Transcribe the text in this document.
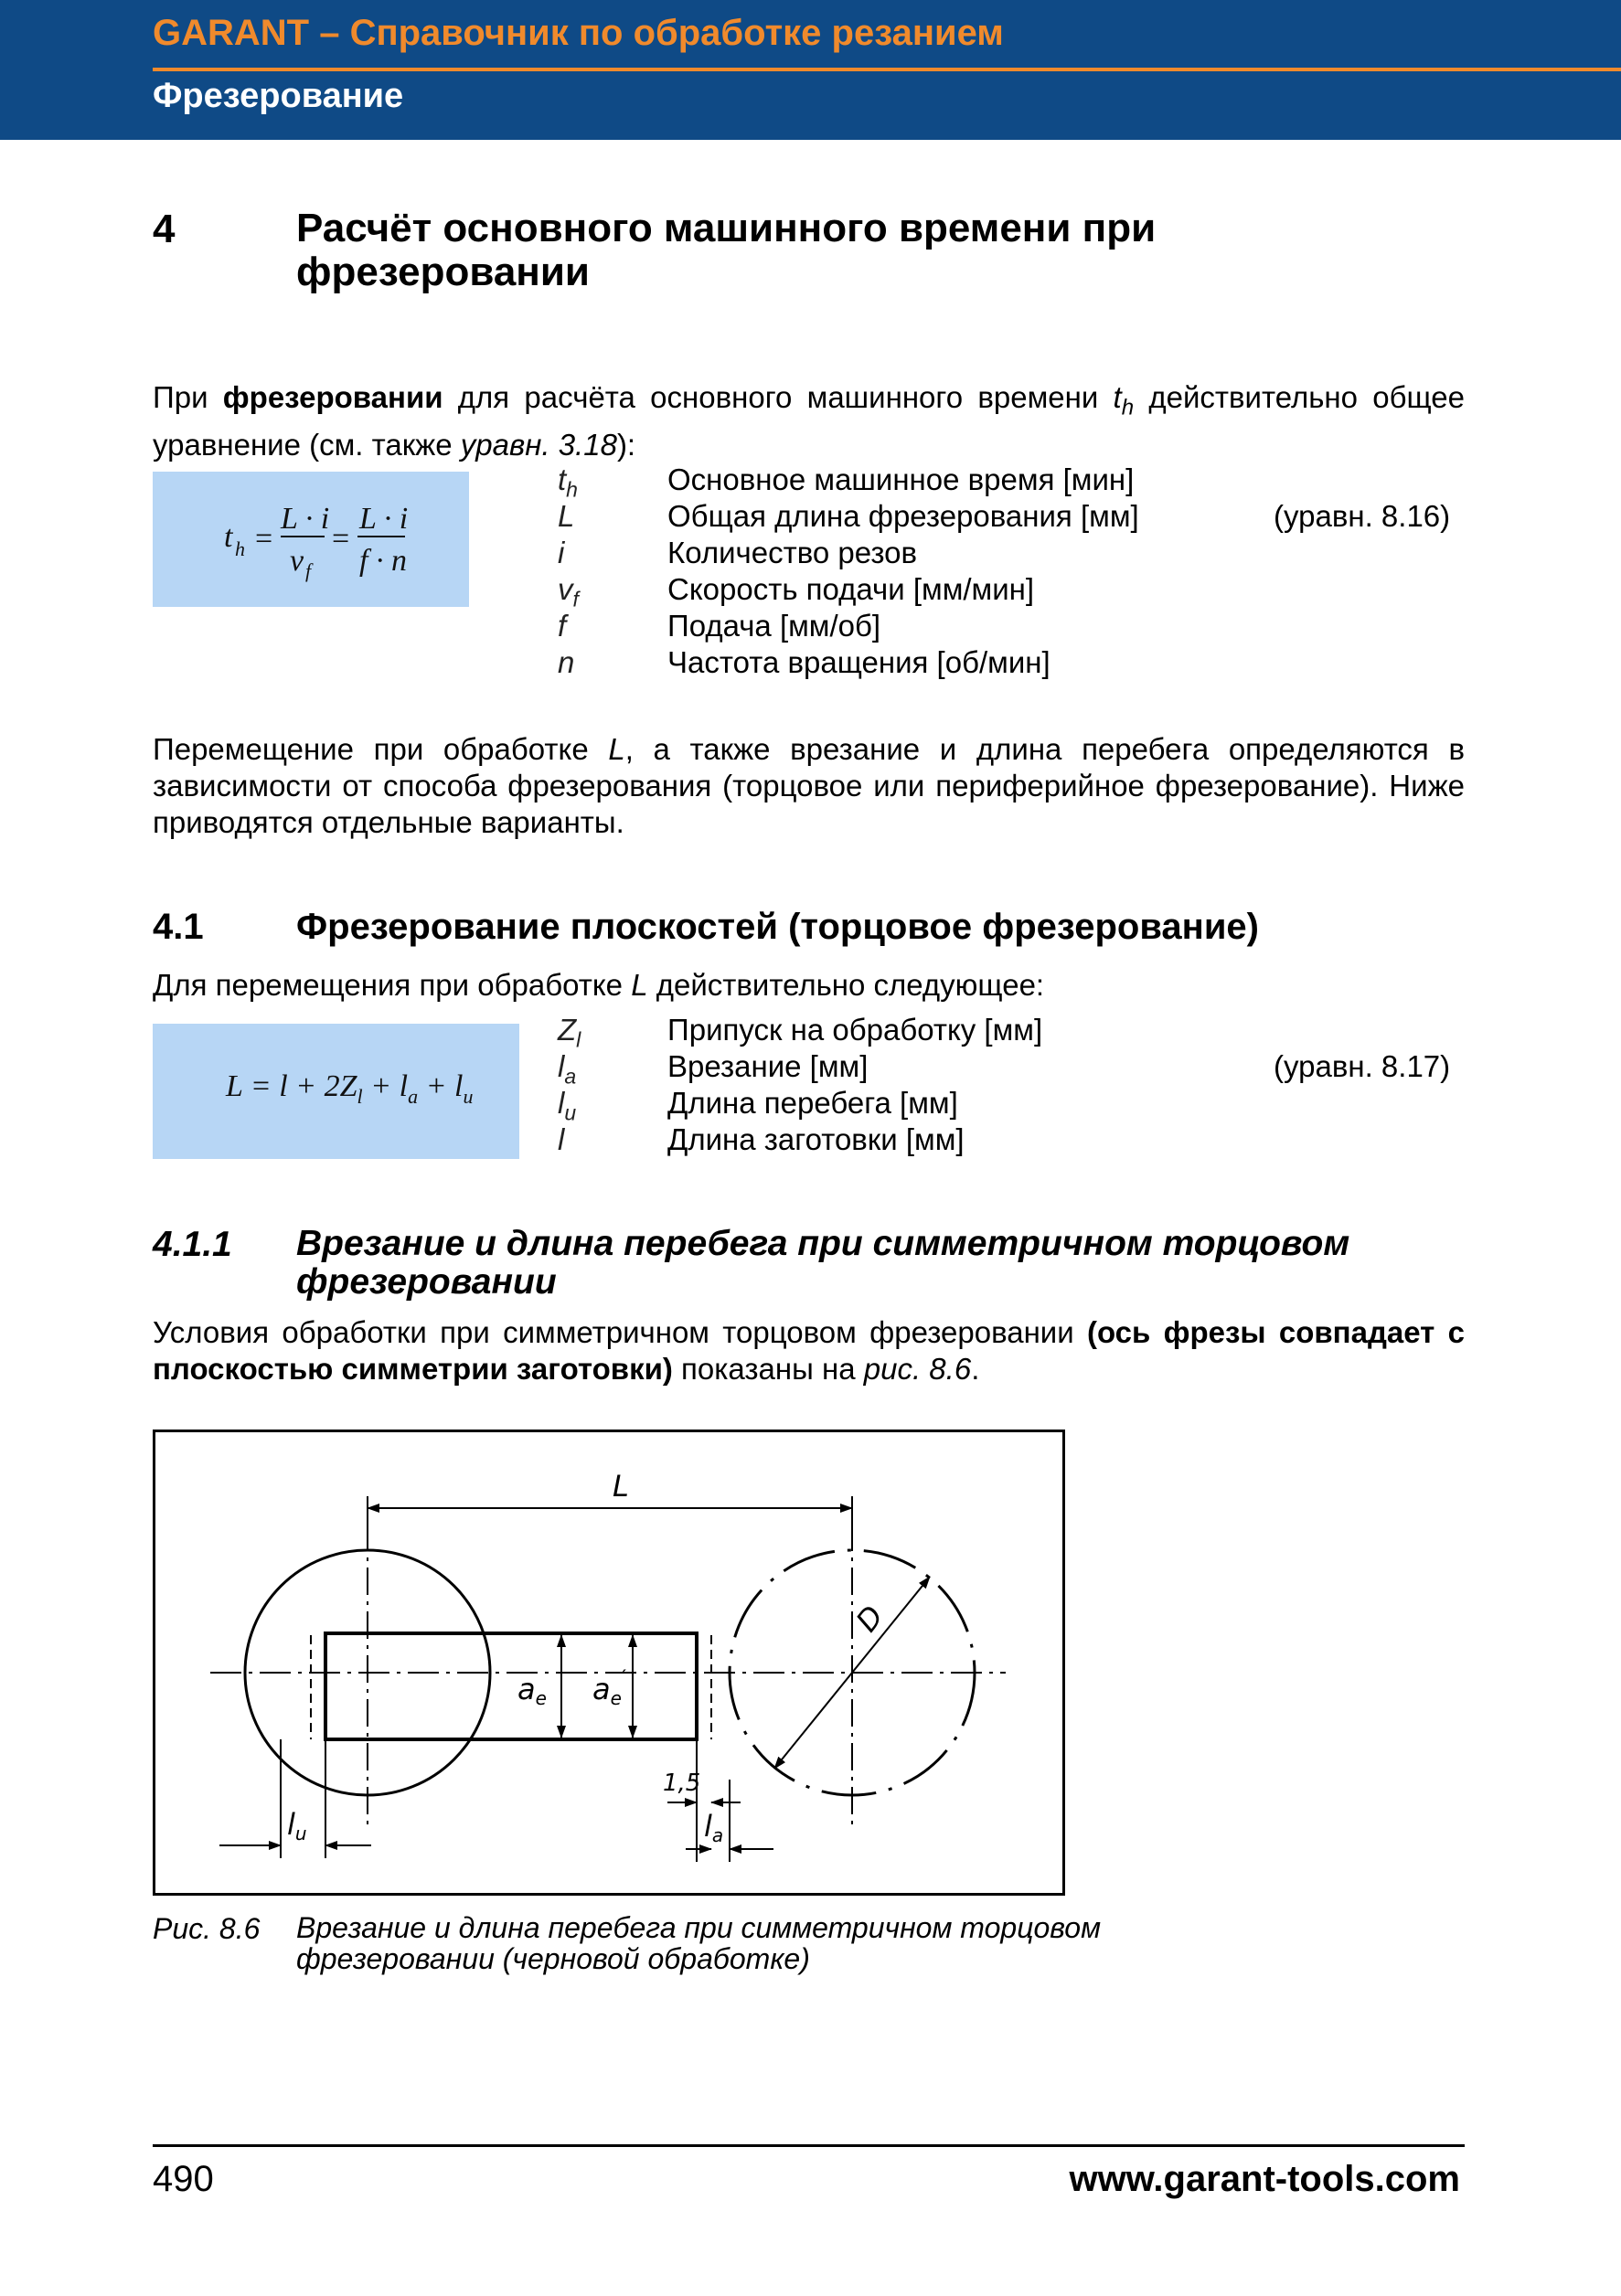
GARANT – Справочник по обработке резанием
Фрезерование
4	Расчёт основного машинного времени при
фрезеровании

При фрезеровании для расчёта основного машинного времени $t_h$ действительно общее уравнение (см. также уравн. 3.18):

t h =
L · i
v f
=
L · i
f · n
$t_h$	Основное машинное время [мин]
L	Общая длина фрезерования [мм]	(уравн. 8.16)
i	Количество резов
$v_f$	Скорость подачи [мм/мин]
f	Подача [мм/об]
n	Частота вращения [об/мин]

Перемещение при обработке L, а также врезание и длина перебега определяются в зависимости от способа фрезерования (торцовое или периферийное фрезерование). Ниже приводятся отдельные варианты.

4.1	Фрезерование плоскостей (торцовое фрезерование)

Для перемещения при обработке L действительно следующее:

$L = l + 2Z_l + l_a + l_u$
$Z_l$	Припуск на обработку [мм]
$l_a$	Врезание [мм]	(уравн. 8.17)
$l_u$	Длина перебега [мм]
l	Длина заготовки [мм]
4.1.1 Врезание и длина перебега при симметричном торцовом фрезеровании

Условия обработки при симметричном торцовом фрезеровании (ось фрезы совпадает с плоскостью симметрии заготовки) показаны на рис. 8.6.

L
D
ae ae′
1,5
lu	la
Рис. 8.6 Врезание и длина перебега при симметричном торцовом фрезеровании (черновой обработке)
490	www.garant-tools.com
